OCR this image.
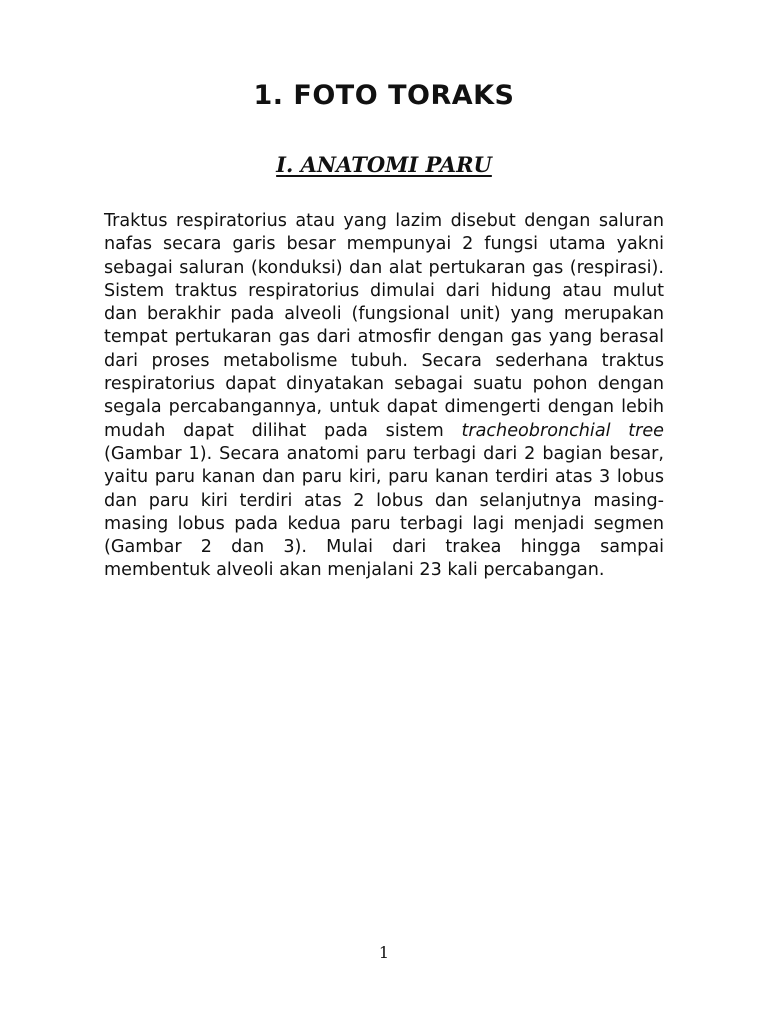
1. FOTO TORAKS
I. ANATOMI PARU

Traktus respiratorius atau yang lazim disebut dengan saluran nafas secara garis besar mempunyai 2 fungsi utama yakni sebagai saluran (konduksi) dan alat pertukaran gas (respirasi). Sistem traktus respiratorius dimulai dari hidung atau mulut dan berakhir pada alveoli (fungsional unit) yang merupakan tempat pertukaran gas dari atmosfir dengan gas yang berasal dari proses metabolisme tubuh. Secara sederhana traktus respiratorius dapat dinyatakan sebagai suatu pohon dengan segala percabangannya, untuk dapat dimengerti dengan lebih mudah dapat dilihat pada sistem tracheobronchial tree (Gambar 1). Secara anatomi paru terbagi dari 2 bagian besar, yaitu paru kanan dan paru kiri, paru kanan terdiri atas 3 lobus dan paru kiri terdiri atas 2 lobus dan selanjutnya masing-masing lobus pada kedua paru terbagi lagi menjadi segmen (Gambar 2 dan 3). Mulai dari trakea hingga sampai membentuk alveoli akan menjalani 23 kali percabangan.

1
